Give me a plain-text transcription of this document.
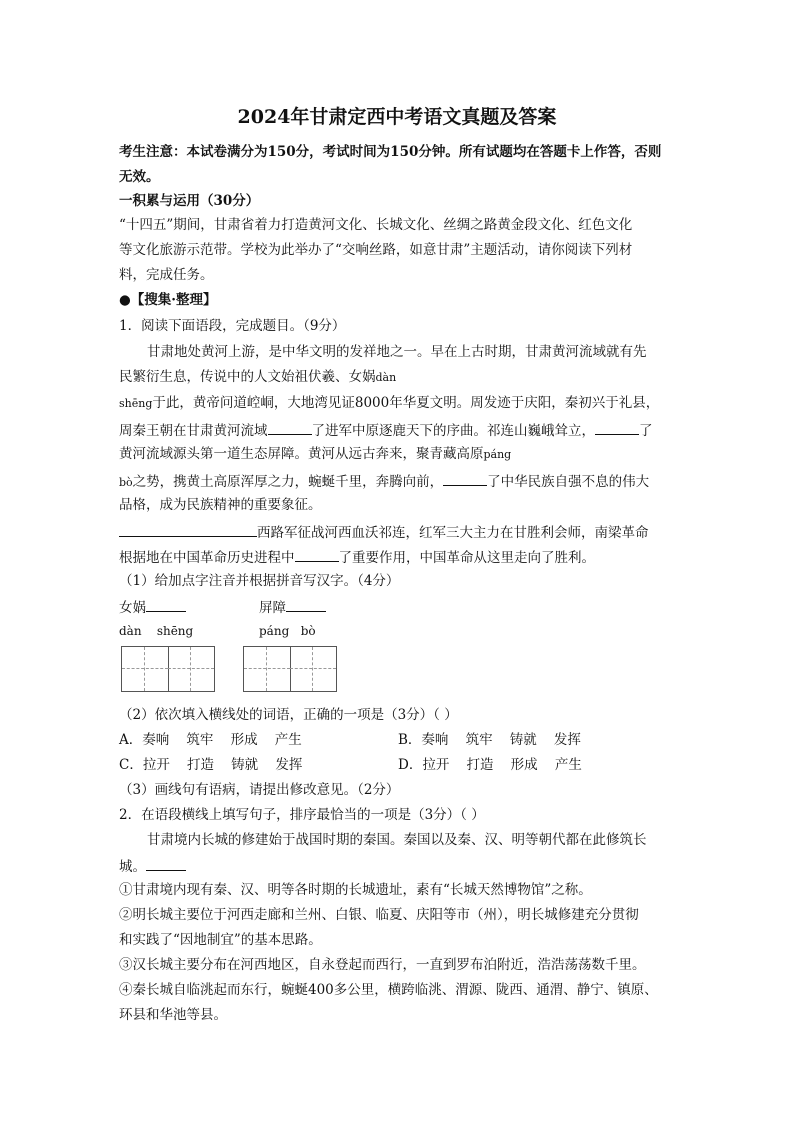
2024年甘肃定西中考语文真题及答案
考生注意：本试卷满分为150分，考试时间为150分钟。所有试题均在答题卡上作答，否则
无效。
一积累与运用（30分）
“十四五”期间，甘肃省着力打造黄河文化、长城文化、丝绸之路黄金段文化、红色文化
等文化旅游示范带。学校为此举办了“交响丝路，如意甘肃”主题活动，请你阅读下列材
料，完成任务。
●【搜集·整理】
1．阅读下面语段，完成题目。（9分）
甘肃地处黄河上游，是中华文明的发祥地之一。早在上古时期，甘肃黄河流域就有先
民繁衍生息，传说中的人文始祖伏羲、女娲dàn
shēng于此，黄帝问道崆峒，大地湾见证8000年华夏文明。周发迹于庆阳，秦初兴于礼县，
周秦王朝在甘肃黄河流域	了进军中原逐鹿天下的序曲。祁连山巍峨耸立，	了
黄河流域源头第一道生态屏障。黄河从远古奔来，聚青藏高原páng
bò之势，携黄土高原浑厚之力，蜿蜒千里，奔腾向前，	了中华民族自强不息的伟大
品格，成为民族精神的重要象征。
西路军征战河西血沃祁连，红军三大主力在甘胜利会师，南梁革命
根据地在中国革命历史进程中	了重要作用，中国革命从这里走向了胜利。
（1）给加点字注音并根据拼音写汉字。（4分）
女娲	屏障
dàn    shēng	páng   bò
（2）依次填入横线处的词语，正确的一项是（3分）（ ）
A．奏响    筑牢    形成    产生	B．奏响    筑牢    铸就    发挥
C．拉开    打造    铸就    发挥	D．拉开    打造    形成    产生
（3）画线句有语病，请提出修改意见。（2分）
2．在语段横线上填写句子，排序最恰当的一项是（3分）（ ）
甘肃境内长城的修建始于战国时期的秦国。秦国以及秦、汉、明等朝代都在此修筑长
城。
①甘肃境内现有秦、汉、明等各时期的长城遗址，素有“长城天然博物馆”之称。
②明长城主要位于河西走廊和兰州、白银、临夏、庆阳等市（州），明长城修建充分贯彻
和实践了“因地制宜”的基本思路。
③汉长城主要分布在河西地区，自永登起而西行，一直到罗布泊附近，浩浩荡荡数千里。
④秦长城自临洮起而东行，蜿蜒400多公里，横跨临洮、渭源、陇西、通渭、静宁、镇原、
环县和华池等县。
